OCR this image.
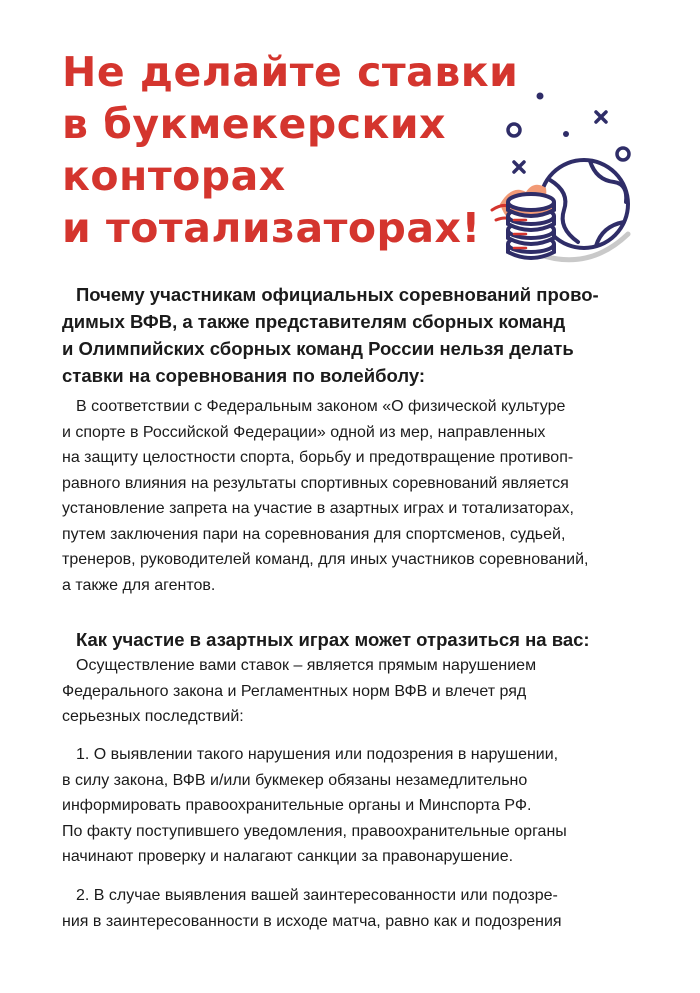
Не делайте ставки
в букмекерских
конторах
и тотализаторах!
Почему участникам официальных соревнований прово-
димых ВФВ, а также представителям сборных команд
и Олимпийских сборных команд России нельзя делать
ставки на соревнования по волейболу:

В соответствии с Федеральным законом «О физической культуре
и спорте в Российской Федерации» одной из мер, направленных
на защиту целостности спорта, борьбу и предотвращение противоп-
равного влияния на результаты спортивных соревнований является
установление запрета на участие в азартных играх и тотализаторах,
путем заключения пари на соревнования для спортсменов, судьей,
тренеров, руководителей команд, для иных участников соревнований,
а также для агентов.

Как участие в азартных играх может отразиться на вас:

Осуществление вами ставок – является прямым нарушением
Федерального закона и Регламентных норм ВФВ и влечет ряд
серьезных последствий:

1. О выявлении такого нарушения или подозрения в нарушении,
в силу закона, ВФВ и/или букмекер обязаны незамедлительно
информировать правоохранительные органы и Минспорта РФ.
По факту поступившего уведомления, правоохранительные органы
начинают проверку и налагают санкции за правонарушение.

2. В случае выявления вашей заинтересованности или подозре-
ния в заинтересованности в исходе матча, равно как и подозрения
